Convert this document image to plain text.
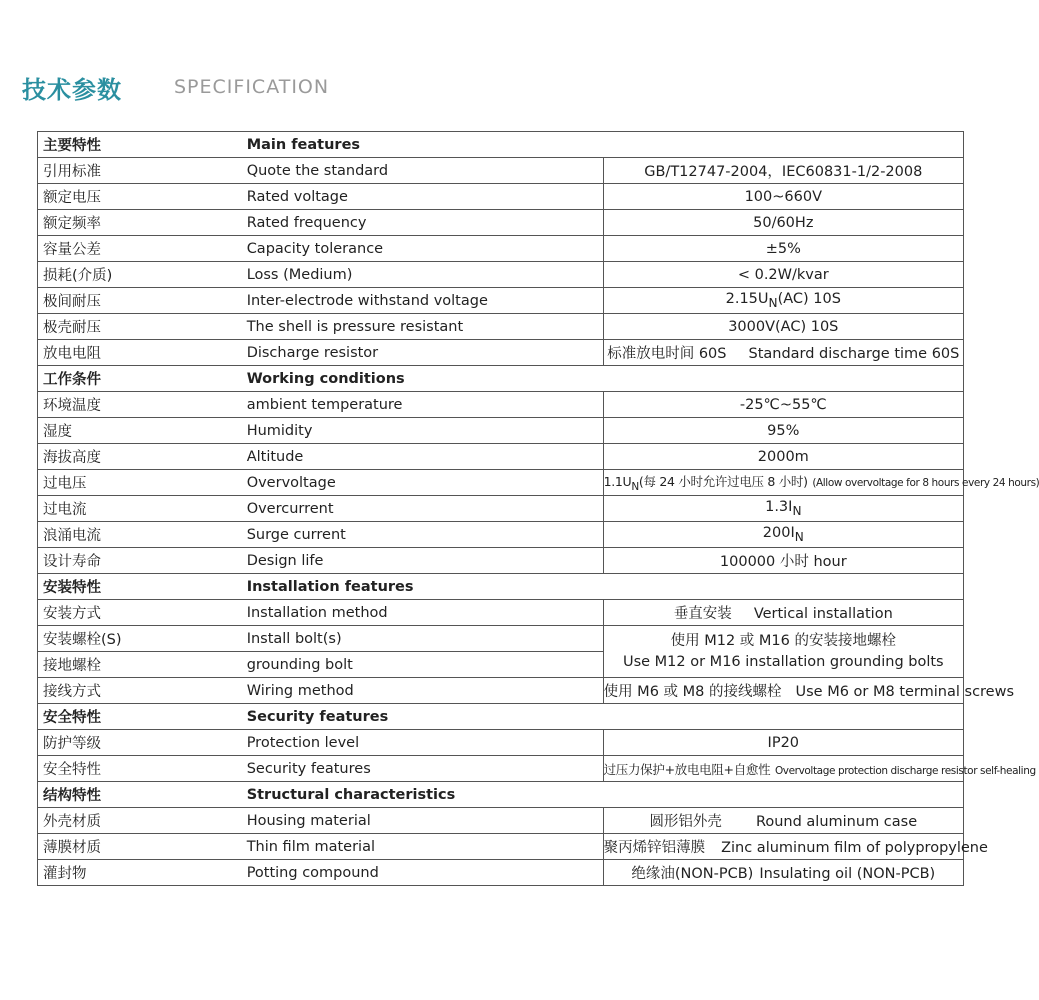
技术参数	SPECIFICATION
主要特性	Main features	
引用标准	Quote the standard	GB/T12747-2004，IEC60831-1/2-2008
额定电压	Rated voltage	100~660V
额定频率	Rated frequency	50/60Hz
容量公差	Capacity tolerance	±5%
损耗(介质)	Loss (Medium)	< 0.2W/kvar
极间耐压	Inter-electrode withstand voltage	$2.15U_N(AC)$ 10S
极壳耐压	The shell is pressure resistant	3000V(AC) 10S
放电电阻	Discharge resistor	标准放电时间 60S Standard discharge time 60S
工作条件	Working conditions	
环境温度	ambient temperature	-25℃~55℃
湿度	Humidity	95%
海拔高度	Altitude	2000m
过电压	Overvoltage	$1.1U_N$(每 24 小时允许过电压 8 小时) (Allow overvoltage for 8 hours every 24 hours)
过电流	Overcurrent	$1.3I_N$
浪涌电流	Surge current	$200I_N$
设计寿命	Design life	100000 小时 hour
安装特性	Installation features	
安装方式	Installation method	垂直安装 Vertical installation
安装螺栓(S)	Install bolt(s)	使用 M12 或 M16 的安装接地螺栓
Use M12 or M16 installation grounding bolts
接地螺栓	grounding bolt	
接线方式	Wiring method	使用 M6 或 M8 的接线螺栓 Use M6 or M8 terminal screws
安全特性	Security features	
防护等级	Protection level	IP20
安全特性	Security features	过压力保护+放电电阻+自愈性 Overvoltage protection discharge resistor self-healing
结构特性	Structural characteristics	
外壳材质	Housing material	圆形铝外壳 Round aluminum case
薄膜材质	Thin film material	聚丙烯锌铝薄膜 Zinc aluminum film of polypropylene
灌封物	Potting compound	绝缘油(NON-PCB) Insulating oil (NON-PCB)
